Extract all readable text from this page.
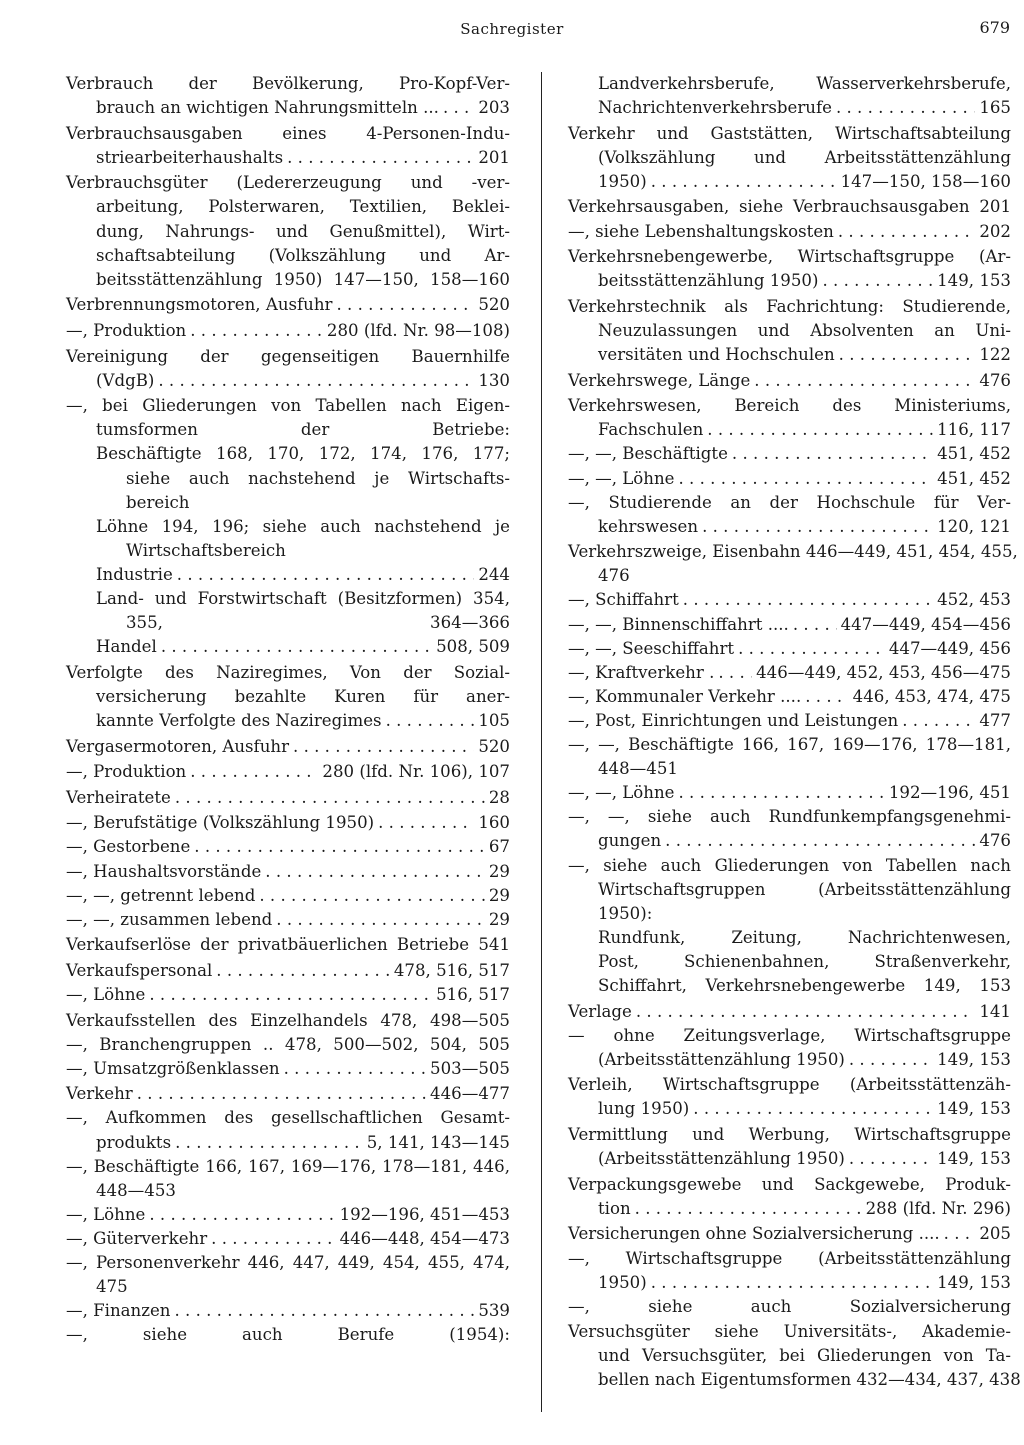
Sachregister	679
Verbrauch der Bevölkerung, Pro-Kopf-Ver-
brauch an wichtigen Nahrungsmitteln ... . . . 203
Verbrauchsausgaben eines 4-Personen-Indu-
striearbeiterhaushalts . . .	201
Verbrauchsgüter (Ledererzeugung und -ver-
arbeitung, Polsterwaren, Textilien, Beklei-
dung, Nahrungs- und Genußmittel), Wirt-
schaftsabteilung (Volkszählung und Ar-
beitsstättenzählung 1950) 147—150, 158—160
Verbrennungsmotoren, Ausfuhr . . .	520
—, Produktion . . .	280 (lfd. Nr. 98—108)
Vereinigung der gegenseitigen Bauernhilfe
(VdgB) . . .	130
—, bei Gliederungen von Tabellen nach Eigen-
tumsformen der Betriebe:
Beschäftigte 168, 170, 172, 174, 176, 177;
siehe auch nachstehend je Wirtschafts-
bereich
Löhne 194, 196; siehe auch nachstehend je
Wirtschaftsbereich
Industrie . . .	244
Land- und Forstwirtschaft (Besitzformen) 354,
355, 364—366
Handel . . .	508, 509
Verfolgte des Naziregimes, Von der Sozial-
versicherung bezahlte Kuren für aner-
kannte Verfolgte des Naziregimes . . .	105
Vergasermotoren, Ausfuhr . . .	520
—, Produktion . . .	280 (lfd. Nr. 106), 107
Verheiratete . . .	28
—, Berufstätige (Volkszählung 1950) . . .	160
—, Gestorbene . . .	67
—, Haushaltsvorstände . . .	29
—, —, getrennt lebend . . .	29
—, —, zusammen lebend . . .	29
Verkaufserlöse der privatbäuerlichen Betriebe 541
Verkaufspersonal . . .	478, 516, 517
—, Löhne . . .	516, 517
Verkaufsstellen des Einzelhandels 478, 498—505
—, Branchengruppen .. 478, 500—502, 504, 505
—, Umsatzgrößenklassen . . .	503—505
Verkehr . . .	446—477
—, Aufkommen des gesellschaftlichen Gesamt-
produkts . . .	5, 141, 143—145
—, Beschäftigte 166, 167, 169—176, 178—181, 446,
448—453
—, Löhne . . .	192—196, 451—453
—, Güterverkehr . . .	446—448, 454—473
—, Personenverkehr 446, 447, 449, 454, 455, 474,
475
—, Finanzen . . .	539
—, siehe auch Berufe (1954):
Landverkehrsberufe, Wasserverkehrsberufe,
Nachrichtenverkehrsberufe . . .	165
Verkehr und Gaststätten, Wirtschaftsabteilung
(Volkszählung und Arbeitsstättenzählung
1950) . . .	147—150, 158—160
Verkehrsausgaben, siehe Verbrauchsausgaben 201
—, siehe Lebenshaltungskosten . . .	202
Verkehrsnebengewerbe, Wirtschaftsgruppe (Ar-
beitsstättenzählung 1950) . . .	149, 153
Verkehrstechnik als Fachrichtung: Studierende,
Neuzulassungen und Absolventen an Uni-
versitäten und Hochschulen . . .	122
Verkehrswege, Länge . . .	476
Verkehrswesen, Bereich des Ministeriums,
Fachschulen . . .	116, 117
—, —, Beschäftigte . . .	451, 452
—, —, Löhne . . .	451, 452
—, Studierende an der Hochschule für Ver-
kehrswesen . . .	120, 121
Verkehrszweige, Eisenbahn 446—449, 451, 454, 455,
476
—, Schiffahrt . . .	452, 453
—, —, Binnenschiffahrt .... . . .	447—449, 454—456
—, —, Seeschiffahrt . . .	447—449, 456
—, Kraftverkehr . . . .	446—449, 452, 453, 456—475
—, Kommunaler Verkehr .... . . .	446, 453, 474, 475
—, Post, Einrichtungen und Leistungen . . .	477
—, —, Beschäftigte 166, 167, 169—176, 178—181,
448—451
—, —, Löhne . . .	192—196, 451
—, —, siehe auch Rundfunkempfangsgenehmi-
gungen . . .	476
—, siehe auch Gliederungen von Tabellen nach
Wirtschaftsgruppen (Arbeitsstättenzählung
1950):
Rundfunk, Zeitung, Nachrichtenwesen,
Post, Schienenbahnen, Straßenverkehr,
Schiffahrt, Verkehrsnebengewerbe 149, 153
Verlage . . .	141
— ohne Zeitungsverlage, Wirtschaftsgruppe
(Arbeitsstättenzählung 1950) . . .	149, 153
Verleih, Wirtschaftsgruppe (Arbeitsstättenzäh-
lung 1950) . . .	149, 153
Vermittlung und Werbung, Wirtschaftsgruppe
(Arbeitsstättenzählung 1950) . . .	149, 153
Verpackungsgewebe und Sackgewebe, Produk-
tion . . .	288 (lfd. Nr. 296)
Versicherungen ohne Sozialversicherung .... . . . 205
—, Wirtschaftsgruppe (Arbeitsstättenzählung
1950) . . .	149, 153
—, siehe auch Sozialversicherung
Versuchsgüter siehe Universitäts-, Akademie-
und Versuchsgüter, bei Gliederungen von Ta-
bellen nach Eigentumsformen 432—434, 437, 438
